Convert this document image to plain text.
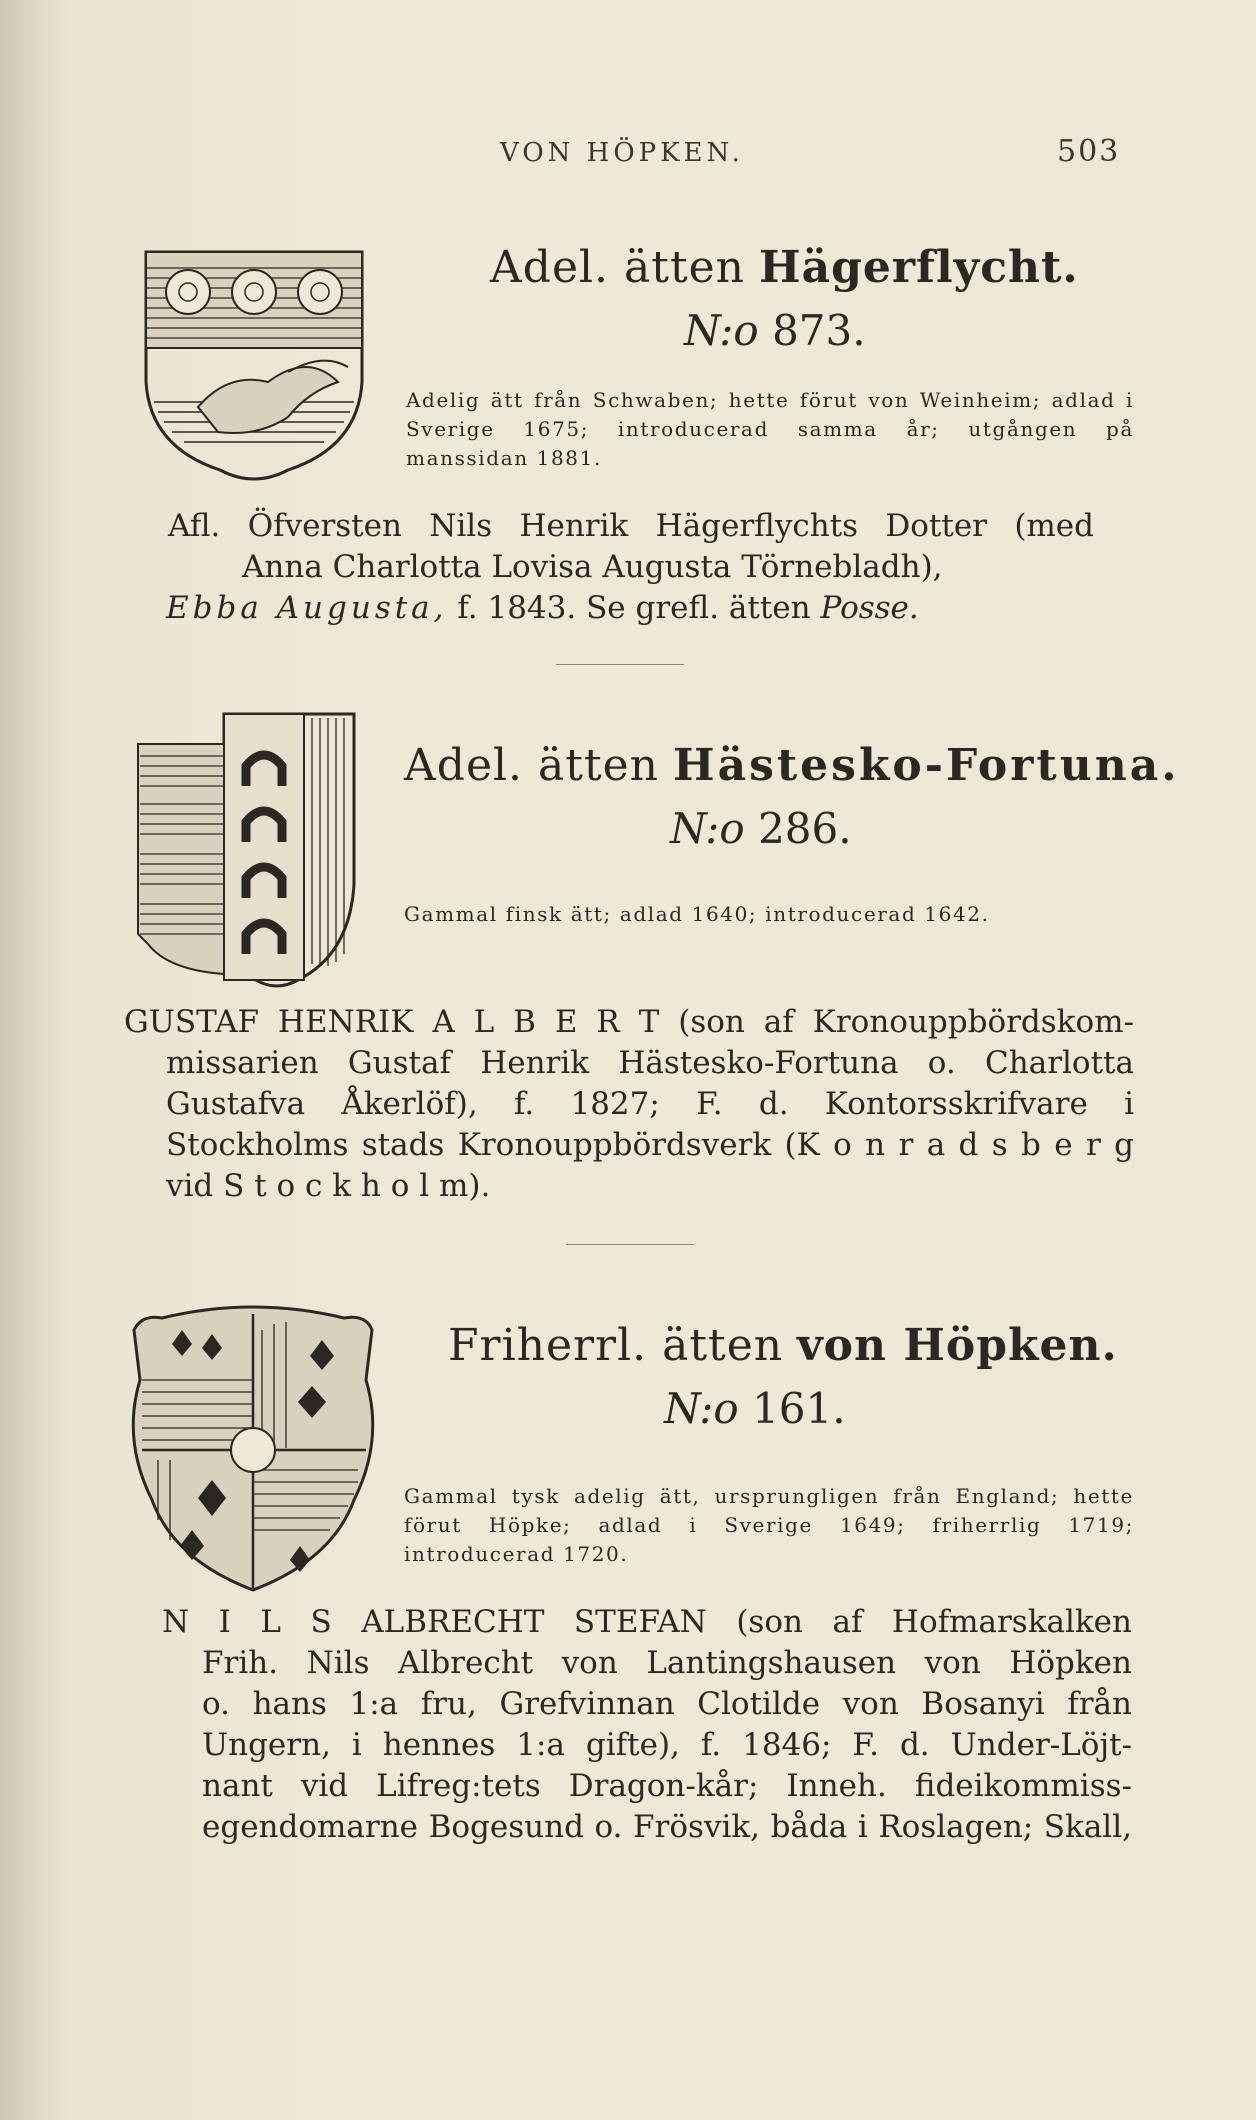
VON HÖPKEN.	503
Adel. ätten Hägerflycht.
N:o 873.
Adelig ätt från Schwaben; hette förut von Weinheim; adlad i Sverige 1675; introducerad samma år; utgången på manssidan 1881.
Afl. Öfversten Nils Henrik Hägerflychts Dotter (med
Anna Charlotta Lovisa Augusta Törnebladh),
Ebba Augusta, f. 1843. Se grefl. ätten Posse.
Adel. ätten Hästesko-Fortuna.
N:o 286.
Gammal finsk ätt; adlad 1640; introducerad 1642.
GUSTAF HENRIK A L B E R T (son af Kronouppbördskom-
missarien Gustaf Henrik Hästesko-Fortuna o. Charlotta
Gustafva Åkerlöf), f. 1827; F. d. Kontorsskrifvare i
Stockholms stads Kronouppbördsverk (K o n r a d s b e r g
vid S t o c k h o l m).
Friherrl. ätten von Höpken.
N:o 161.
Gammal tysk adelig ätt, ursprungligen från England; hette förut Höpke; adlad i Sverige 1649; friherrlig 1719; introducerad 1720.
N I L S ALBRECHT STEFAN (son af Hofmarskalken
Frih. Nils Albrecht von Lantingshausen von Höpken
o. hans 1:a fru, Grefvinnan Clotilde von Bosanyi från
Ungern, i hennes 1:a gifte), f. 1846; F. d. Under-Löjt-
nant vid Lifreg:tets Dragon-kår; Inneh. fideikommiss-
egendomarne Bogesund o. Frösvik, båda i Roslagen; Skall,
